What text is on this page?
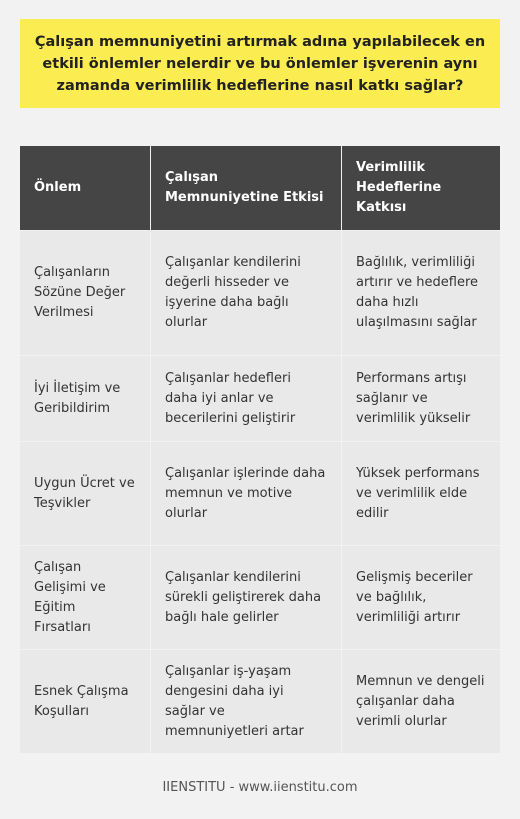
Çalışan memnuniyetini artırmak adına yapılabilecek en etkili önlemler nelerdir ve bu önlemler işverenin aynı zamanda verimlilik hedeflerine nasıl katkı sağlar?
Önlem	Çalışan Memnuniyetine Etkisi	Verimlilik Hedeflerine Katkısı
Çalışanların Sözüne Değer Verilmesi	Çalışanlar kendilerini değerli hisseder ve işyerine daha bağlı olurlar	Bağlılık, verimliliği artırır ve hedeflere daha hızlı ulaşılmasını sağlar
İyi İletişim ve Geribildirim	Çalışanlar hedefleri daha iyi anlar ve becerilerini geliştirir	Performans artışı sağlanır ve verimlilik yükselir
Uygun Ücret ve Teşvikler	Çalışanlar işlerinde daha memnun ve motive olurlar	Yüksek performans ve verimlilik elde edilir
Çalışan Gelişimi ve Eğitim Fırsatları	Çalışanlar kendilerini sürekli geliştirerek daha bağlı hale gelirler	Gelişmiş beceriler ve bağlılık, verimliliği artırır
Esnek Çalışma Koşulları	Çalışanlar iş-yaşam dengesini daha iyi sağlar ve memnuniyetleri artar	Memnun ve dengeli çalışanlar daha verimli olurlar
IIENSTITU - www.iienstitu.com
